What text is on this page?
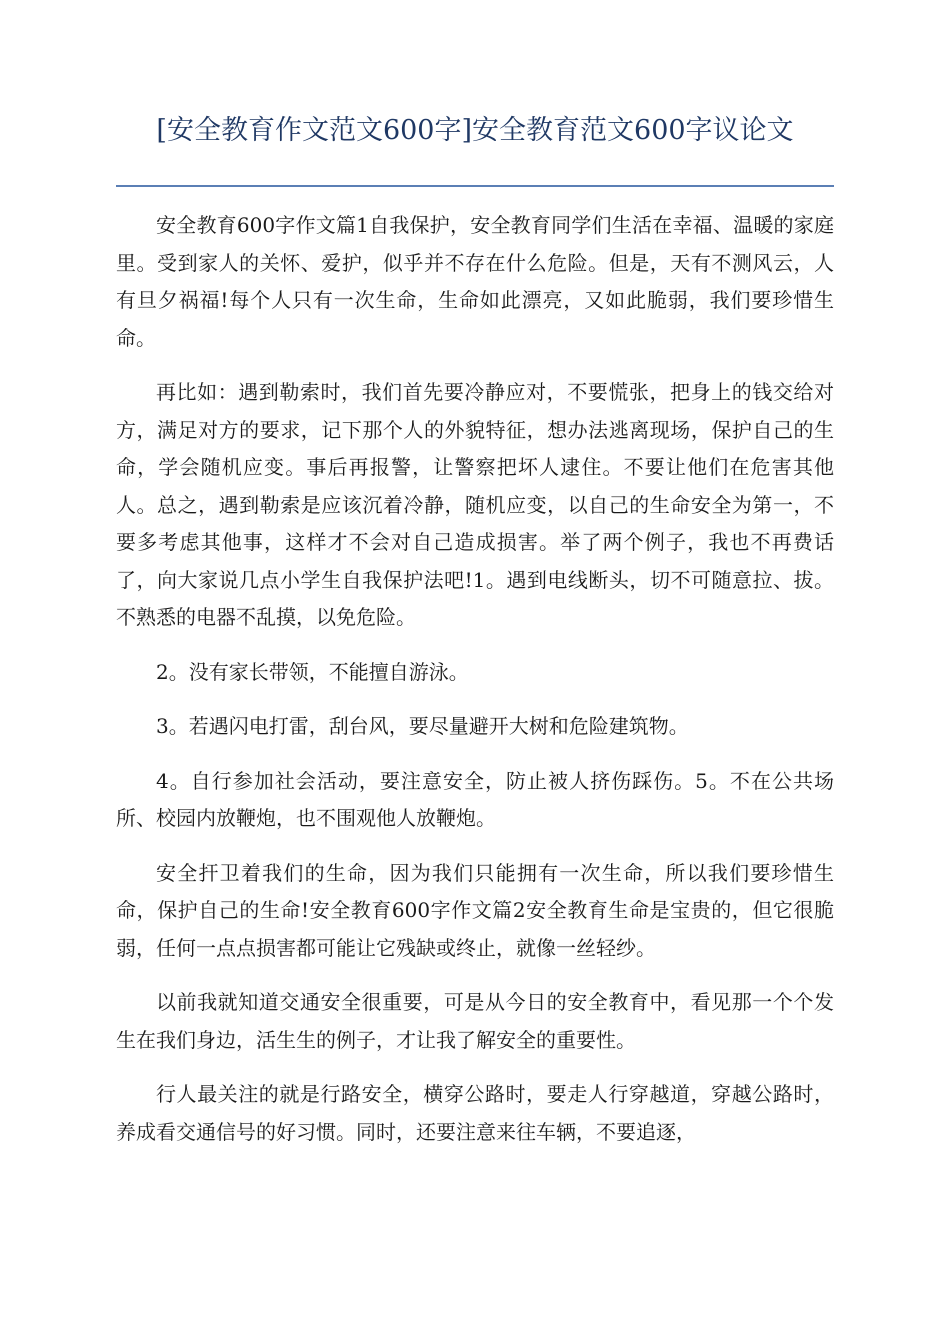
[安全教育作文范文600字]安全教育范文600字议论文

安全教育600字作文篇1自我保护，安全教育同学们生活在幸福、温暖的家庭里。受到家人的关怀、爱护，似乎并不存在什么危险。但是，天有不测风云，人有旦夕祸福!每个人只有一次生命，生命如此漂亮，又如此脆弱，我们要珍惜生命。

再比如：遇到勒索时，我们首先要冷静应对，不要慌张，把身上的钱交给对方，满足对方的要求，记下那个人的外貌特征，想办法逃离现场，保护自己的生命，学会随机应变。事后再报警，让警察把坏人逮住。不要让他们在危害其他人。总之，遇到勒索是应该沉着冷静，随机应变，以自己的生命安全为第一，不要多考虑其他事，这样才不会对自己造成损害。举了两个例子，我也不再费话了，向大家说几点小学生自我保护法吧!1。遇到电线断头，切不可随意拉、拔。不熟悉的电器不乱摸，以免危险。

2。没有家长带领，不能擅自游泳。

3。若遇闪电打雷，刮台风，要尽量避开大树和危险建筑物。

4。自行参加社会活动，要注意安全，防止被人挤伤踩伤。5。不在公共场所、校园内放鞭炮，也不围观他人放鞭炮。

安全扞卫着我们的生命，因为我们只能拥有一次生命，所以我们要珍惜生命，保护自己的生命!安全教育600字作文篇2安全教育生命是宝贵的，但它很脆弱，任何一点点损害都可能让它残缺或终止，就像一丝轻纱。

以前我就知道交通安全很重要，可是从今日的安全教育中，看见那一个个发生在我们身边，活生生的例子，才让我了解安全的重要性。

行人最关注的就是行路安全，横穿公路时，要走人行穿越道，穿越公路时，养成看交通信号的好习惯。同时，还要注意来往车辆，不要追逐，
